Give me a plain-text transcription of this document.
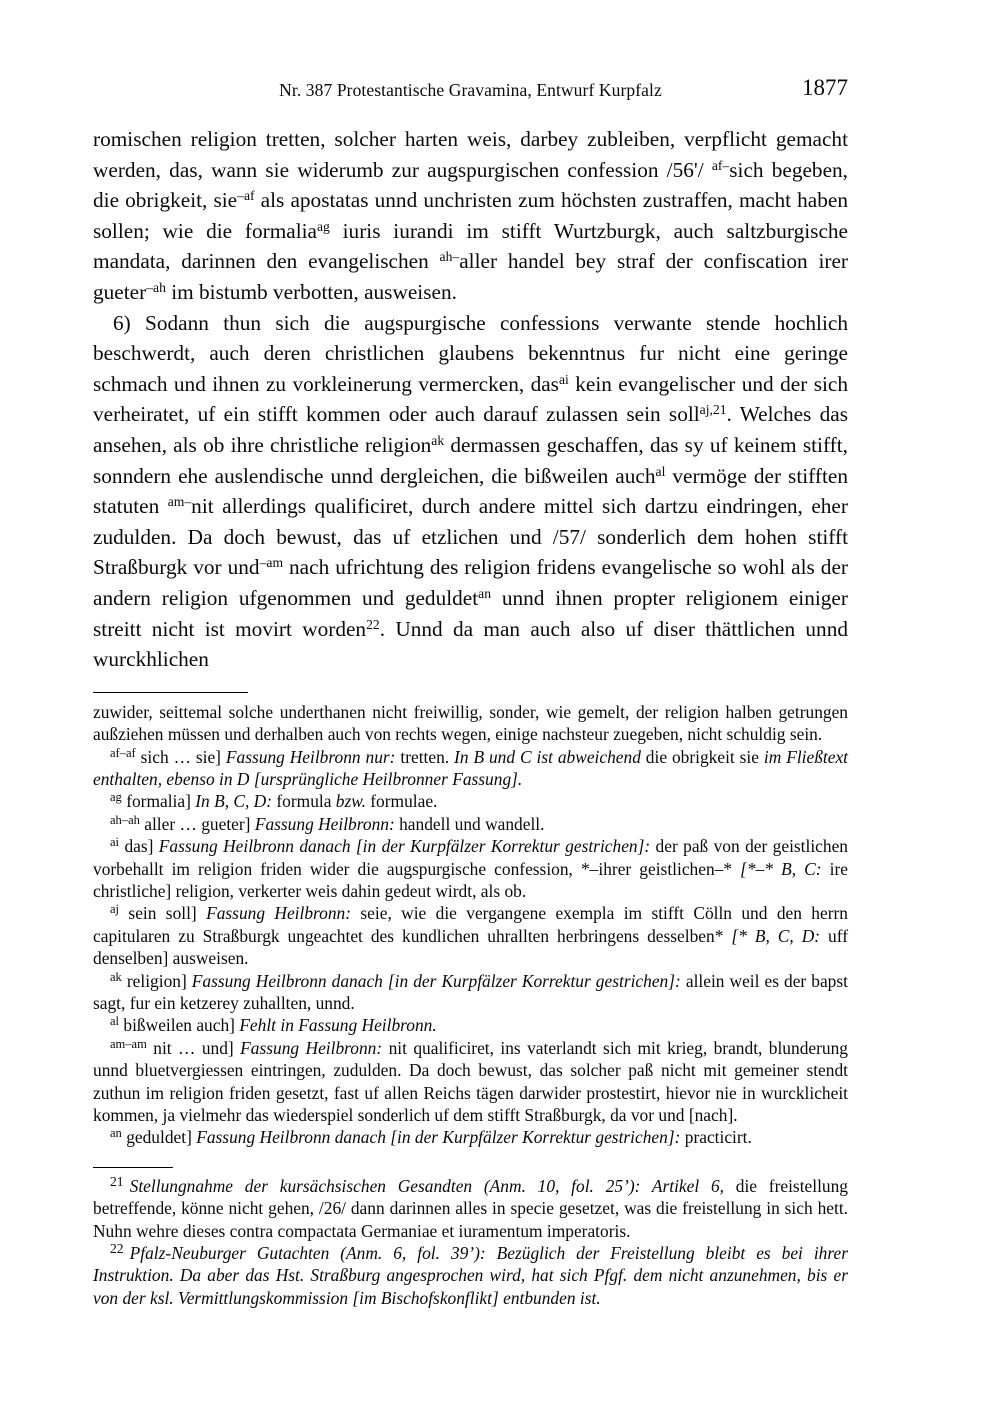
Nr. 387 Protestantische Gravamina, Entwurf Kurpfalz	1877

romischen religion tretten, solcher harten weis, darbey zubleiben, verpflicht gemacht werden, das, wann sie widerumb zur augspurgischen confession /56'/ $^{af-}$sich begeben, die obrigkeit, sie$^{-af}$ als apostatas unnd unchristen zum höchsten zustraffen, macht haben sollen; wie die formalia$^{ag}$ iuris iurandi im stifft Wurtzburgk, auch saltzburgische mandata, darinnen den evangelischen $^{ah-}$aller handel bey straf der confiscation irer gueter$^{-ah}$ im bistumb verbotten, ausweisen.

6) Sodann thun sich die augspurgische confessions verwante stende hochlich beschwerdt, auch deren christlichen glaubens bekenntnus fur nicht eine geringe schmach und ihnen zu vorkleinerung vermercken, das$^{ai}$ kein evangelischer und der sich verheiratet, uf ein stifft kommen oder auch darauf zulassen sein soll$^{aj,21}$. Welches das ansehen, als ob ihre christliche religion$^{ak}$ dermassen geschaffen, das sy uf keinem stifft, sonndern ehe auslendische unnd dergleichen, die bißweilen auch$^{al}$ vermöge der stifften statuten $^{am-}$nit allerdings qualificiret, durch andere mittel sich dartzu eindringen, eher zudulden. Da doch bewust, das uf etzlichen und /57/ sonderlich dem hohen stifft Straßburgk vor und$^{-am}$ nach ufrichtung des religion fridens evangelische so wohl als der andern religion ufgenommen und geduldet$^{an}$ unnd ihnen propter religionem einiger streitt nicht ist movirt worden$^{22}$. Unnd da man auch also uf diser thättlichen unnd wurckhlichen

zuwider, seittemal solche underthanen nicht freiwillig, sonder, wie gemelt, der religion halben getrungen außziehen müssen und derhalben auch von rechts wegen, einige nachsteur zuegeben, nicht schuldig sein.

$^{af-af}$ sich … sie] Fassung Heilbronn nur: tretten. In B und C ist abweichend die obrigkeit sie im Fließtext enthalten, ebenso in D [ursprüngliche Heilbronner Fassung].

$^{ag}$ formalia] In B, C, D: formula bzw. formulae.

$^{ah-ah}$ aller … gueter] Fassung Heilbronn: handell und wandell.

$^{ai}$ das] Fassung Heilbronn danach [in der Kurpfälzer Korrektur gestrichen]: der paß von der geistlichen vorbehallt im religion friden wider die augspurgische confession, *–ihrer geistlichen–* [*–* B, C: ire christliche] religion, verkerter weis dahin gedeut wirdt, als ob.

$^{aj}$ sein soll] Fassung Heilbronn: seie, wie die vergangene exempla im stifft Cölln und den herrn capitularen zu Straßburgk ungeachtet des kundlichen uhrallten herbringens desselben* [* B, C, D: uff denselben] ausweisen.

$^{ak}$ religion] Fassung Heilbronn danach [in der Kurpfälzer Korrektur gestrichen]: allein weil es der bapst sagt, fur ein ketzerey zuhallten, unnd.

$^{al}$ bißweilen auch] Fehlt in Fassung Heilbronn.

$^{am-am}$ nit … und] Fassung Heilbronn: nit qualificiret, ins vaterlandt sich mit krieg, brandt, blunderung unnd bluetvergiessen eintringen, zudulden. Da doch bewust, das solcher paß nicht mit gemeiner stendt zuthun im religion friden gesetzt, fast uf allen Reichs tägen darwider prostestirt, hievor nie in wurcklicheit kommen, ja vielmehr das wiederspiel sonderlich uf dem stifft Straßburgk, da vor und [nach].

$^{an}$ geduldet] Fassung Heilbronn danach [in der Kurpfälzer Korrektur gestrichen]: practicirt.

$^{21}$ Stellungnahme der kursächsischen Gesandten (Anm. 10, fol. 25’): Artikel 6, die freistellung betreffende, könne nicht gehen, /26/ dann darinnen alles in specie gesetzet, was die freistellung in sich hett. Nuhn wehre dieses contra compactata Germaniae et iuramentum imperatoris.

$^{22}$ Pfalz-Neuburger Gutachten (Anm. 6, fol. 39’): Bezüglich der Freistellung bleibt es bei ihrer Instruktion. Da aber das Hst. Straßburg angesprochen wird, hat sich Pfgf. dem nicht anzunehmen, bis er von der ksl. Vermittlungskommission [im Bischofskonflikt] entbunden ist.
